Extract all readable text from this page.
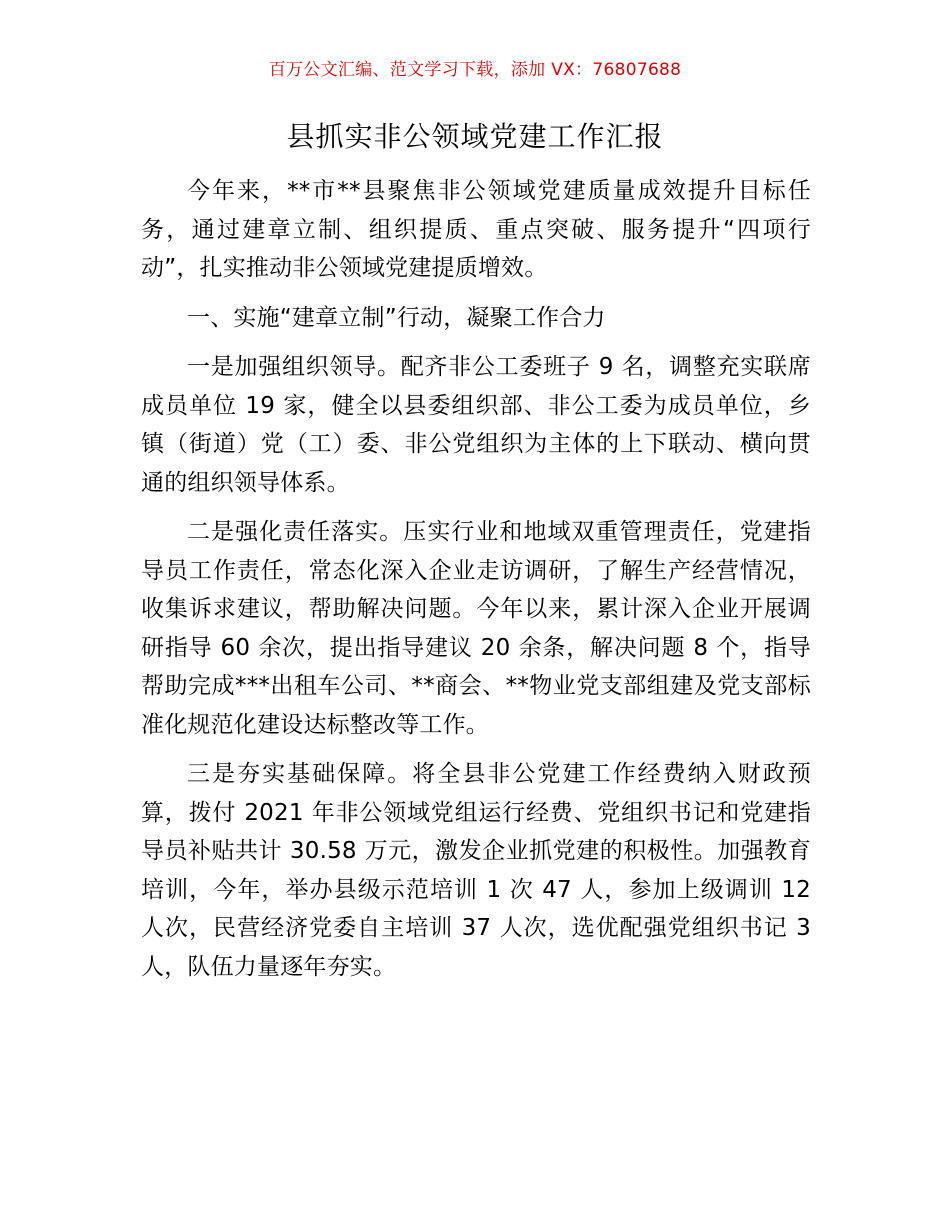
百万公文汇编、范文学习下载，添加 VX：76807688
县抓实非公领域党建工作汇报

今年来，**市**县聚焦非公领域党建质量成效提升目标任务，通过建章立制、组织提质、重点突破、服务提升“四项行动”，扎实推动非公领域党建提质增效。

一、实施“建章立制”行动，凝聚工作合力

一是加强组织领导。配齐非公工委班子 9 名，调整充实联席成员单位 19 家，健全以县委组织部、非公工委为成员单位，乡镇（街道）党（工）委、非公党组织为主体的上下联动、横向贯通的组织领导体系。

二是强化责任落实。压实行业和地域双重管理责任，党建指导员工作责任，常态化深入企业走访调研，了解生产经营情况，收集诉求建议，帮助解决问题。今年以来，累计深入企业开展调研指导 60 余次，提出指导建议 20 余条，解决问题 8 个，指导帮助完成***出租车公司、**商会、**物业党支部组建及党支部标准化规范化建设达标整改等工作。

三是夯实基础保障。将全县非公党建工作经费纳入财政预算，拨付 2021 年非公领域党组运行经费、党组织书记和党建指导员补贴共计 30.58 万元，激发企业抓党建的积极性。加强教育培训，今年，举办县级示范培训 1 次 47 人，参加上级调训 12 人次，民营经济党委自主培训 37 人次，选优配强党组织书记 3 人，队伍力量逐年夯实。
